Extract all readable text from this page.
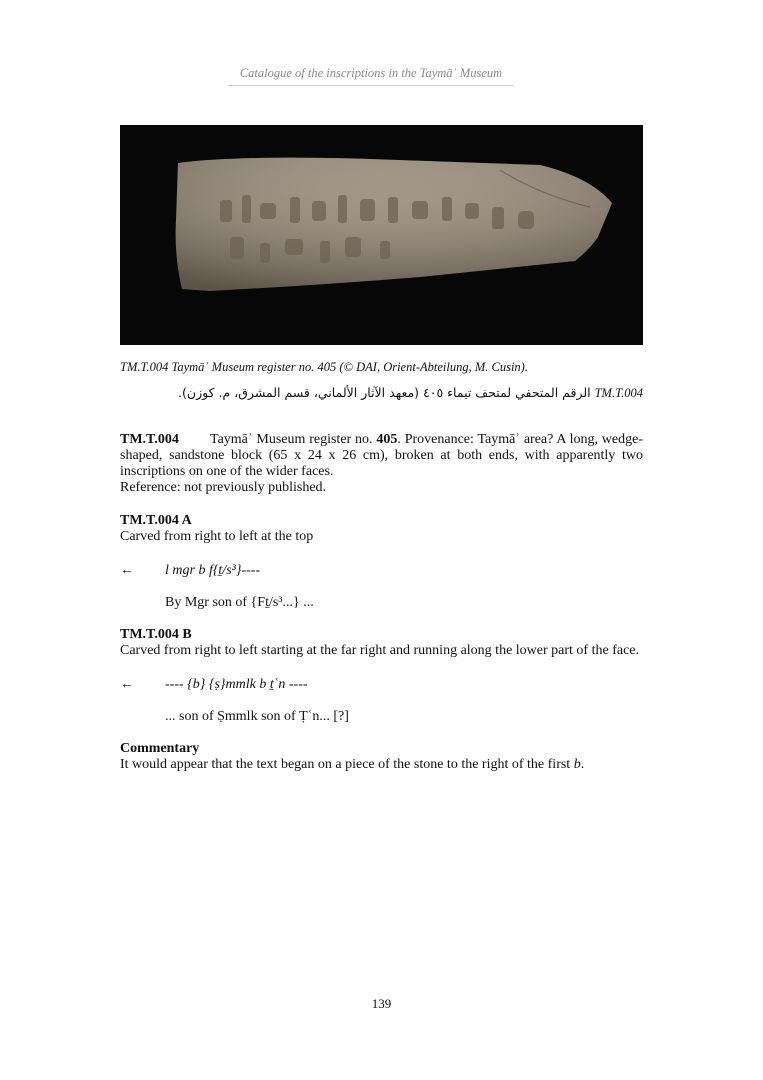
Catalogue of the inscriptions in the Taymāʾ Museum
TM.T.004 Taymāʾ Museum register no. 405 (© DAI, Orient-Abteilung, M. Cusin).
TM.T.004 الرقم المتحفي لمتحف تيماء ٤٠٥ (معهد الآثار الألماني، قسم المشرق، م. كوزن).
TM.T.004 Taymāʾ Museum register no. 405. Provenance: Taymāʾ area? A long, wedge-shaped, sandstone block (65 x 24 x 26 cm), broken at both ends, with apparently two inscriptions on one of the wider faces.
Reference: not previously published.
TM.T.004 A
Carved from right to left at the top
← l mgr b f{ṯ/s³}----
By Mgr son of {Fṯ/s³...} ...
TM.T.004 B
Carved from right to left starting at the far right and running along the lower part of the face.
← ---- {b} {ṣ}mmlk b ṯʿn ----
... son of Ṣmmlk son of Ṭʿn... [?]
Commentary
It would appear that the text began on a piece of the stone to the right of the first b.
139
